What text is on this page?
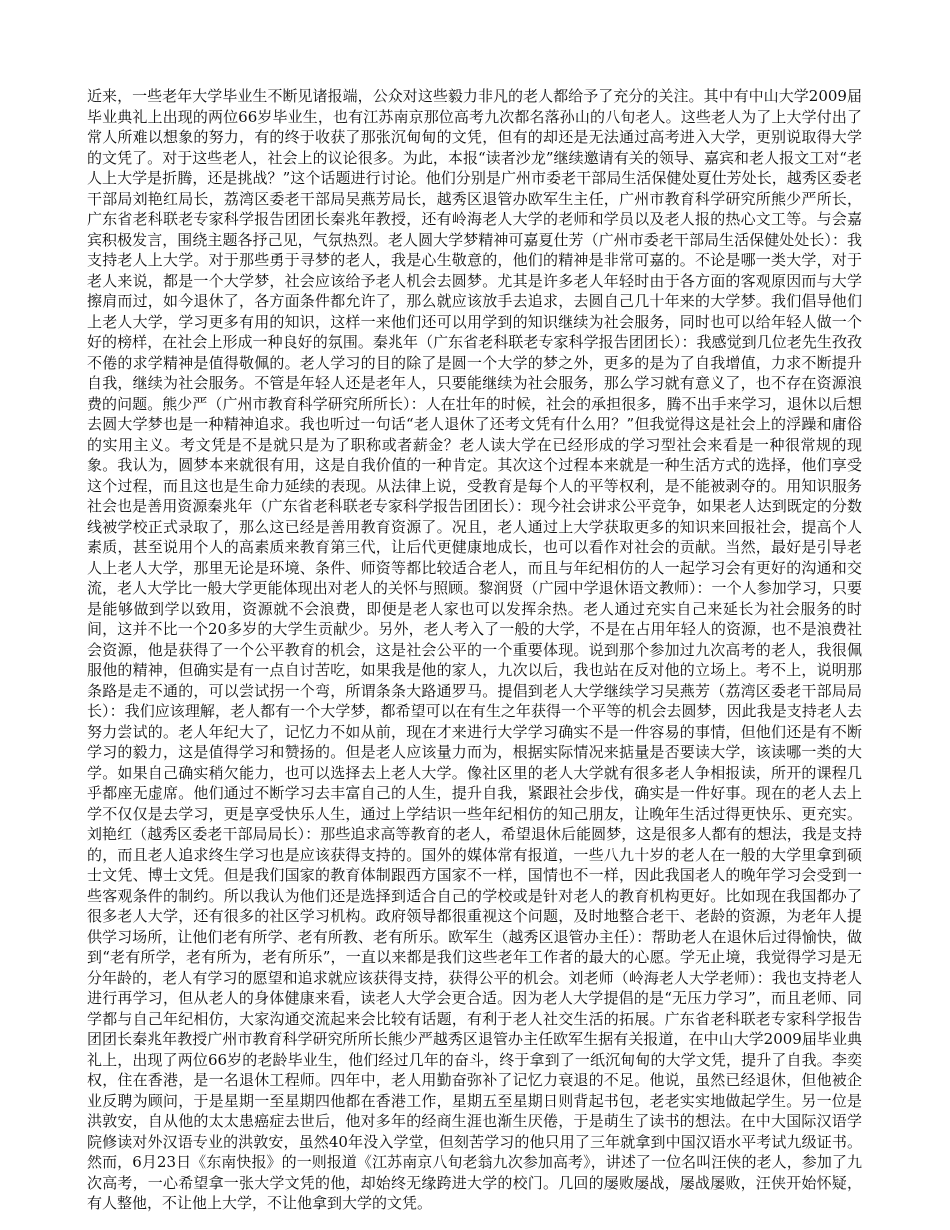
近来，一些老年大学毕业生不断见诸报端，公众对这些毅力非凡的老人都给予了充分的关注。其中有中山大学2009届毕业典礼上出现的两位66岁毕业生，也有江苏南京那位高考九次都名落孙山的八旬老人。这些老人为了上大学付出了常人所难以想象的努力，有的终于收获了那张沉甸甸的文凭，但有的却还是无法通过高考进入大学，更别说取得大学的文凭了。对于这些老人，社会上的议论很多。为此，本报“读者沙龙”继续邀请有关的领导、嘉宾和老人报文工对“老人上大学是折腾，还是挑战？”这个话题进行讨论。他们分别是广州市委老干部局生活保健处夏仕芳处长，越秀区委老干部局刘艳红局长，荔湾区委老干部局吴燕芳局长，越秀区退管办欧军生主任，广州市教育科学研究所熊少严所长，广东省老科联老专家科学报告团团长秦兆年教授，还有岭海老人大学的老师和学员以及老人报的热心文工等。与会嘉宾积极发言，围绕主题各抒己见，气氛热烈。老人圆大学梦精神可嘉夏仕芳（广州市委老干部局生活保健处处长）：我支持老人上大学。对于那些勇于寻梦的老人，我是心生敬意的，他们的精神是非常可嘉的。不论是哪一类大学，对于老人来说，都是一个大学梦，社会应该给予老人机会去圆梦。尤其是许多老人年轻时由于各方面的客观原因而与大学擦肩而过，如今退休了，各方面条件都允许了，那么就应该放手去追求，去圆自己几十年来的大学梦。我们倡导他们上老人大学，学习更多有用的知识，这样一来他们还可以用学到的知识继续为社会服务，同时也可以给年轻人做一个好的榜样，在社会上形成一种良好的氛围。秦兆年（广东省老科联老专家科学报告团团长）：我感觉到几位老先生孜孜不倦的求学精神是值得敬佩的。老人学习的目的除了是圆一个大学的梦之外，更多的是为了自我增值，力求不断提升自我，继续为社会服务。不管是年轻人还是老年人，只要能继续为社会服务，那么学习就有意义了，也不存在资源浪费的问题。熊少严（广州市教育科学研究所所长）：人在壮年的时候，社会的承担很多，腾不出手来学习，退休以后想去圆大学梦也是一种精神追求。我也听过一句话“老人退休了还考文凭有什么用？”但我觉得这是社会上的浮躁和庸俗的实用主义。考文凭是不是就只是为了职称或者薪金？老人读大学在已经形成的学习型社会来看是一种很常规的现象。我认为，圆梦本来就很有用，这是自我价值的一种肯定。其次这个过程本来就是一种生活方式的选择，他们享受这个过程，而且这也是生命力延续的表现。从法律上说，受教育是每个人的平等权利，是不能被剥夺的。用知识服务社会也是善用资源秦兆年（广东省老科联老专家科学报告团团长）：现今社会讲求公平竞争，如果老人达到既定的分数线被学校正式录取了，那么这已经是善用教育资源了。况且，老人通过上大学获取更多的知识来回报社会，提高个人素质，甚至说用个人的高素质来教育第三代，让后代更健康地成长，也可以看作对社会的贡献。当然，最好是引导老人上老人大学，那里无论是环境、条件、师资等都比较适合老人，而且与年纪相仿的人一起学习会有更好的沟通和交流，老人大学比一般大学更能体现出对老人的关怀与照顾。黎润贤（广园中学退休语文教师）：一个人参加学习，只要是能够做到学以致用，资源就不会浪费，即便是老人家也可以发挥余热。老人通过充实自己来延长为社会服务的时间，这并不比一个20多岁的大学生贡献少。另外，老人考入了一般的大学，不是在占用年轻人的资源，也不是浪费社会资源，他是获得了一个公平教育的机会，这是社会公平的一个重要体现。说到那个参加过九次高考的老人，我很佩服他的精神，但确实是有一点自讨苦吃，如果我是他的家人，九次以后，我也站在反对他的立场上。考不上，说明那条路是走不通的，可以尝试拐一个弯，所谓条条大路通罗马。提倡到老人大学继续学习吴燕芳（荔湾区委老干部局局长）：我们应该理解，老人都有一个大学梦，都希望可以在有生之年获得一个平等的机会去圆梦，因此我是支持老人去努力尝试的。老人年纪大了，记忆力不如从前，现在才来进行大学学习确实不是一件容易的事情，但他们还是有不断学习的毅力，这是值得学习和赞扬的。但是老人应该量力而为，根据实际情况来掂量是否要读大学，该读哪一类的大学。如果自己确实稍欠能力，也可以选择去上老人大学。像社区里的老人大学就有很多老人争相报读，所开的课程几乎都座无虚席。他们通过不断学习去丰富自己的人生，提升自我，紧跟社会步伐，确实是一件好事。现在的老人去上学不仅仅是去学习，更是享受快乐人生，通过上学结识一些年纪相仿的知己朋友，让晚年生活过得更快乐、更充实。刘艳红（越秀区委老干部局局长）：那些追求高等教育的老人，希望退休后能圆梦，这是很多人都有的想法，我是支持的，而且老人追求终生学习也是应该获得支持的。国外的媒体常有报道，一些八九十岁的老人在一般的大学里拿到硕士文凭、博士文凭。但是我们国家的教育体制跟西方国家不一样，国情也不一样，因此我国老人的晚年学习会受到一些客观条件的制约。所以我认为他们还是选择到适合自己的学校或是针对老人的教育机构更好。比如现在我国都办了很多老人大学，还有很多的社区学习机构。政府领导都很重视这个问题，及时地整合老干、老龄的资源，为老年人提供学习场所，让他们老有所学、老有所教、老有所乐。欧军生（越秀区退管办主任）：帮助老人在退休后过得愉快，做到“老有所学，老有所为，老有所乐”，一直以来都是我们这些老年工作者的最大的心愿。学无止境，我觉得学习是无分年龄的，老人有学习的愿望和追求就应该获得支持，获得公平的机会。刘老师（岭海老人大学老师）：我也支持老人进行再学习，但从老人的身体健康来看，读老人大学会更合适。因为老人大学提倡的是“无压力学习”，而且老师、同学都与自己年纪相仿，大家沟通交流起来会比较有话题，有利于老人社交生活的拓展。广东省老科联老专家科学报告团团长秦兆年教授广州市教育科学研究所所长熊少严越秀区退管办主任欧军生据有关报道，在中山大学2009届毕业典礼上，出现了两位66岁的老龄毕业生，他们经过几年的奋斗，终于拿到了一纸沉甸甸的大学文凭，提升了自我。李奕权，住在香港，是一名退休工程师。四年中，老人用勤奋弥补了记忆力衰退的不足。他说，虽然已经退休，但他被企业反聘为顾问，于是星期一至星期四他都在香港工作，星期五至星期日则背起书包，老老实实地做起学生。另一位是洪敦安，自从他的太太患癌症去世后，他对多年的经商生涯也渐生厌倦，于是萌生了读书的想法。在中大国际汉语学院修读对外汉语专业的洪敦安，虽然40年没入学堂，但刻苦学习的他只用了三年就拿到中国汉语水平考试九级证书。然而，6月23日《东南快报》的一则报道《江苏南京八旬老翁九次参加高考》，讲述了一位名叫汪侠的老人，参加了九次高考，一心希望拿一张大学文凭的他，却始终无缘跨进大学的校门。几回的屡败屡战，屡战屡败，汪侠开始怀疑，有人整他，不让他上大学，不让他拿到大学的文凭。
